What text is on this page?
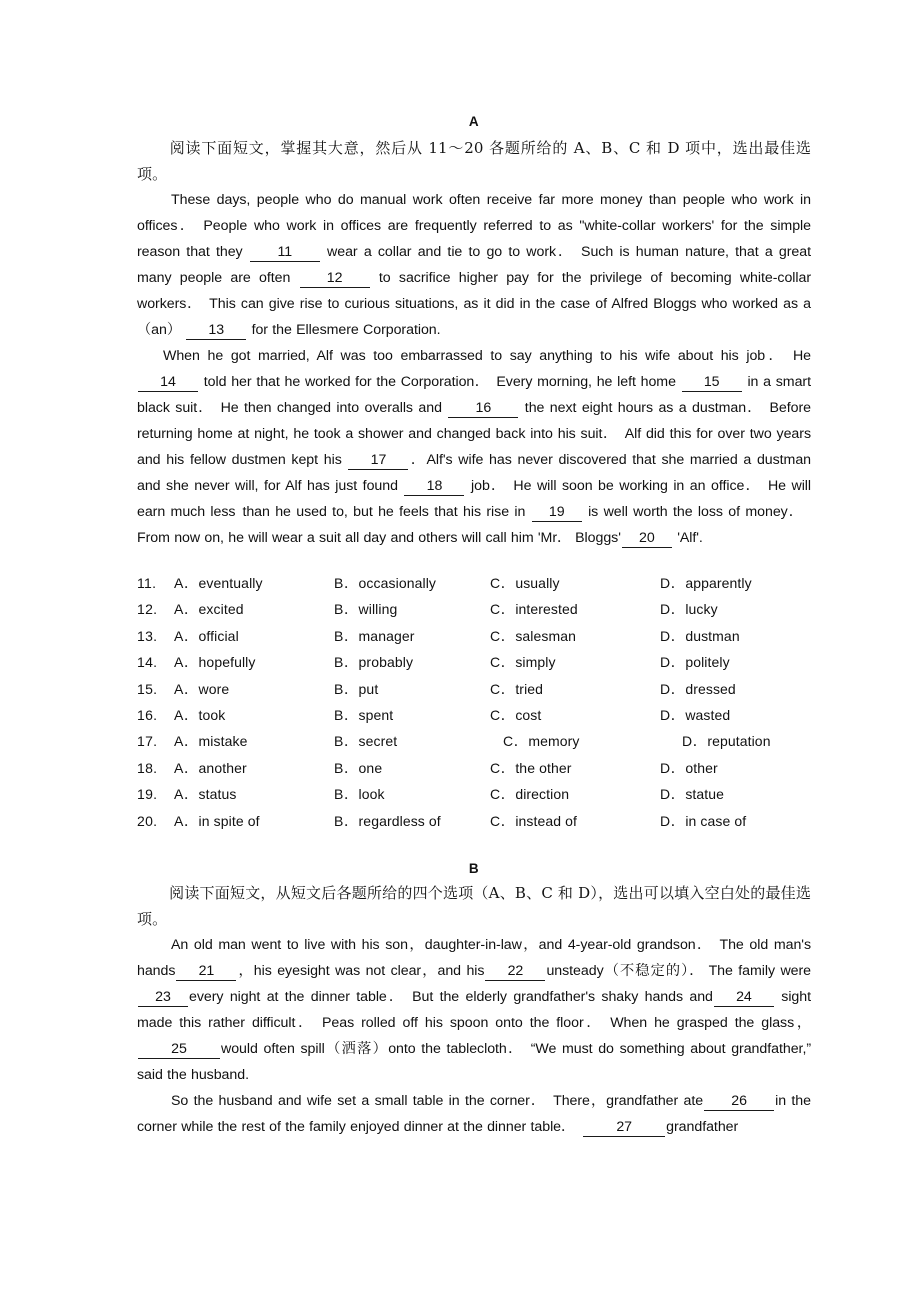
A

阅读下面短文，掌握其大意，然后从 11～20 各题所给的 A、B、C 和 D 项中，选出最佳选项。

These days, people who do manual work often receive far more money than people who work in offices． People who work in offices are frequently referred to as "white-collar workers' for the simple reason that they 11 wear a collar and tie to go to work． Such is human nature, that a great many people are often	12	to sacrifice higher pay for the privilege of becoming white-collar workers． This can give rise to curious situations, as it did in the case of Alfred Bloggs who worked as a（an） 13 for the Ellesmere Corporation.

When he got married, Alf was too embarrassed to say anything to his wife about his job． He 14 told her that he worked for the Corporation． Every morning, he left home 15 in a smart black suit． He then changed into overalls and 16 the next eight hours as a dustman． Before returning home at night, he took a shower and changed back into his suit． Alf did this for over two years and his fellow dustmen kept his 17 ．Alf's wife has never discovered that she married a dustman and she never will, for Alf has just found 18 job． He will soon be working in an office． He will earn much less than he used to, but he feels that his rise in 19 is well worth the loss of money．From now on, he will wear a suit all day and others will call him 'Mr． Bloggs' 20 'Alf'.

11.	A．eventually	B．occasionally	C．usually	D．apparently
12.	A．excited	B．willing	C．interested	D．lucky
13.	A．official	B．manager	C．salesman	D．dustman
14.	A．hopefully	B．probably	C．simply	D．politely
15.	A．wore	B．put	C．tried	D．dressed
16.	A．took	B．spent	C．cost	D．wasted
17.	A．mistake	B．secret	C．memory	D．reputation
18.	A．another	B．one	C．the other	D．other
19.	A．status	B．look	C．direction	D．statue
20.	A．in spite of	B．regardless of	C．instead of	D．in case of
B

阅读下面短文，从短文后各题所给的四个选项（A、B、C 和 D），选出可以填入空白处的最佳选项。

An old man went to live with his son，daughter-in-law，and 4-year-old grandson． The old man's hands 21 ，his eyesight was not clear，and his 22 unsteady（不稳定的）． The family were23 every night at the dinner table． But the elderly grandfather's shaky hands and 24 sight made this rather difficult． Peas rolled off his spoon onto the floor． When he grasped the glass，25 would often spill（洒落）onto the tablecloth． “We must do something about grandfather,” said the husband.

So the husband and wife set a small table in the corner． There，grandfather ate 26 in the corner while the rest of the family enjoyed dinner at the dinner table．	27 grandfather
